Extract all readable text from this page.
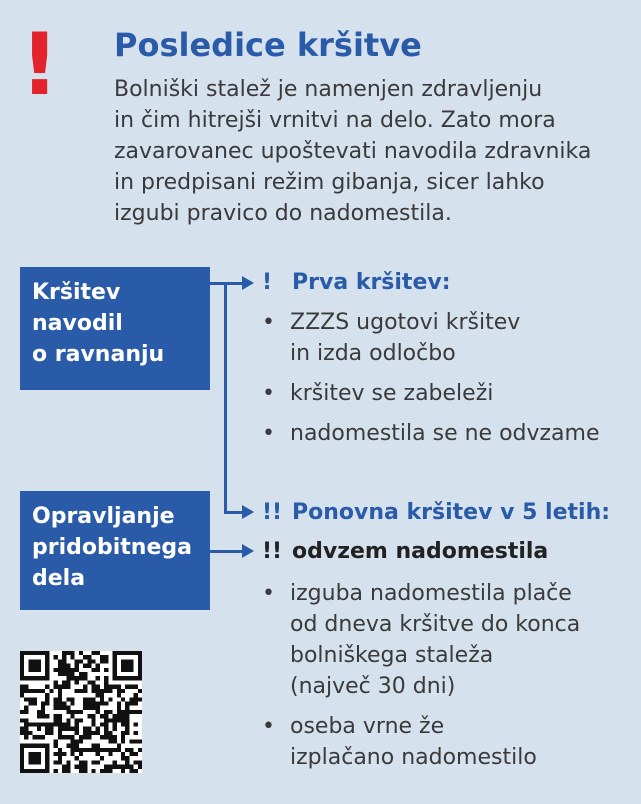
! Posledice kršitve
Bolniški stalež je namenjen zdravljenju
in čim hitrejši vrnitvi na delo. Zato mora
zavarovanec upoštevati navodila zdravnika
in predpisani režim gibanja, sicer lahko
izgubi pravico do nadomestila.
Kršitev
navodil
o ravnanju
Opravljanje
pridobitnega
dela
! Prva kršitev:
• ZZZS ugotovi kršitev
in izda odločbo
• kršitev se zabeleži
• nadomestila se ne odvzame
!! Ponovna kršitev v 5 letih:
!! odvzem nadomestila
• izguba nadomestila plače
od dneva kršitve do konca
bolniškega staleža
(največ 30 dni)
• oseba vrne že
izplačano nadomestilo
